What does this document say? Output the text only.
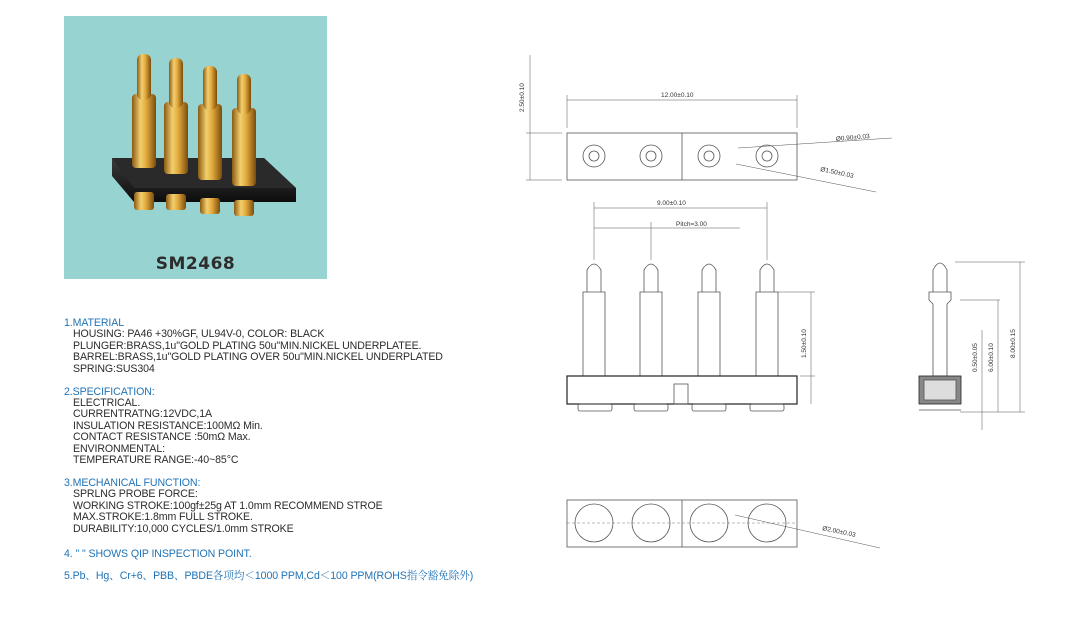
SM2468
1.MATERIAL
HOUSING: PA46 +30%GF, UL94V-0, COLOR: BLACK
PLUNGER:BRASS,1u"GOLD PLATING 50u"MIN.NICKEL UNDERPLATEE.
BARREL:BRASS,1u"GOLD PLATING OVER 50u"MIN.NICKEL UNDERPLATED
SPRING:SUS304
2.SPECIFICATION:
ELECTRICAL.
CURRENTRATNG:12VDC,1A
INSULATION RESISTANCE:100MΩ Min.
CONTACT RESISTANCE :50mΩ Max.
ENVIRONMENTAL:
TEMPERATURE RANGE:-40~85°C
3.MECHANICAL FUNCTION:
SPRLNG PROBE FORCE:
WORKING STROKE:100gf±25g AT 1.0mm RECOMMEND STROE
MAX.STROKE:1.8mm FULL STROKE.
DURABILITY:10,000 CYCLES/1.0mm STROKE
4. " " SHOWS QIP INSPECTION POINT.
5.Pb、Hg、Cr+6、PBB、PBDE各项均＜1000 PPM,Cd＜100 PPM(ROHS指令豁免除外)
12.00±0.10
2.50±0.10
Ø0.90±0.03
Ø1.50±0.03
9.00±0.10
Pitch=3.00
1.50±0.10	8.00±0.15
6.00±0.10
0.50±0.05
Ø2.00±0.03
